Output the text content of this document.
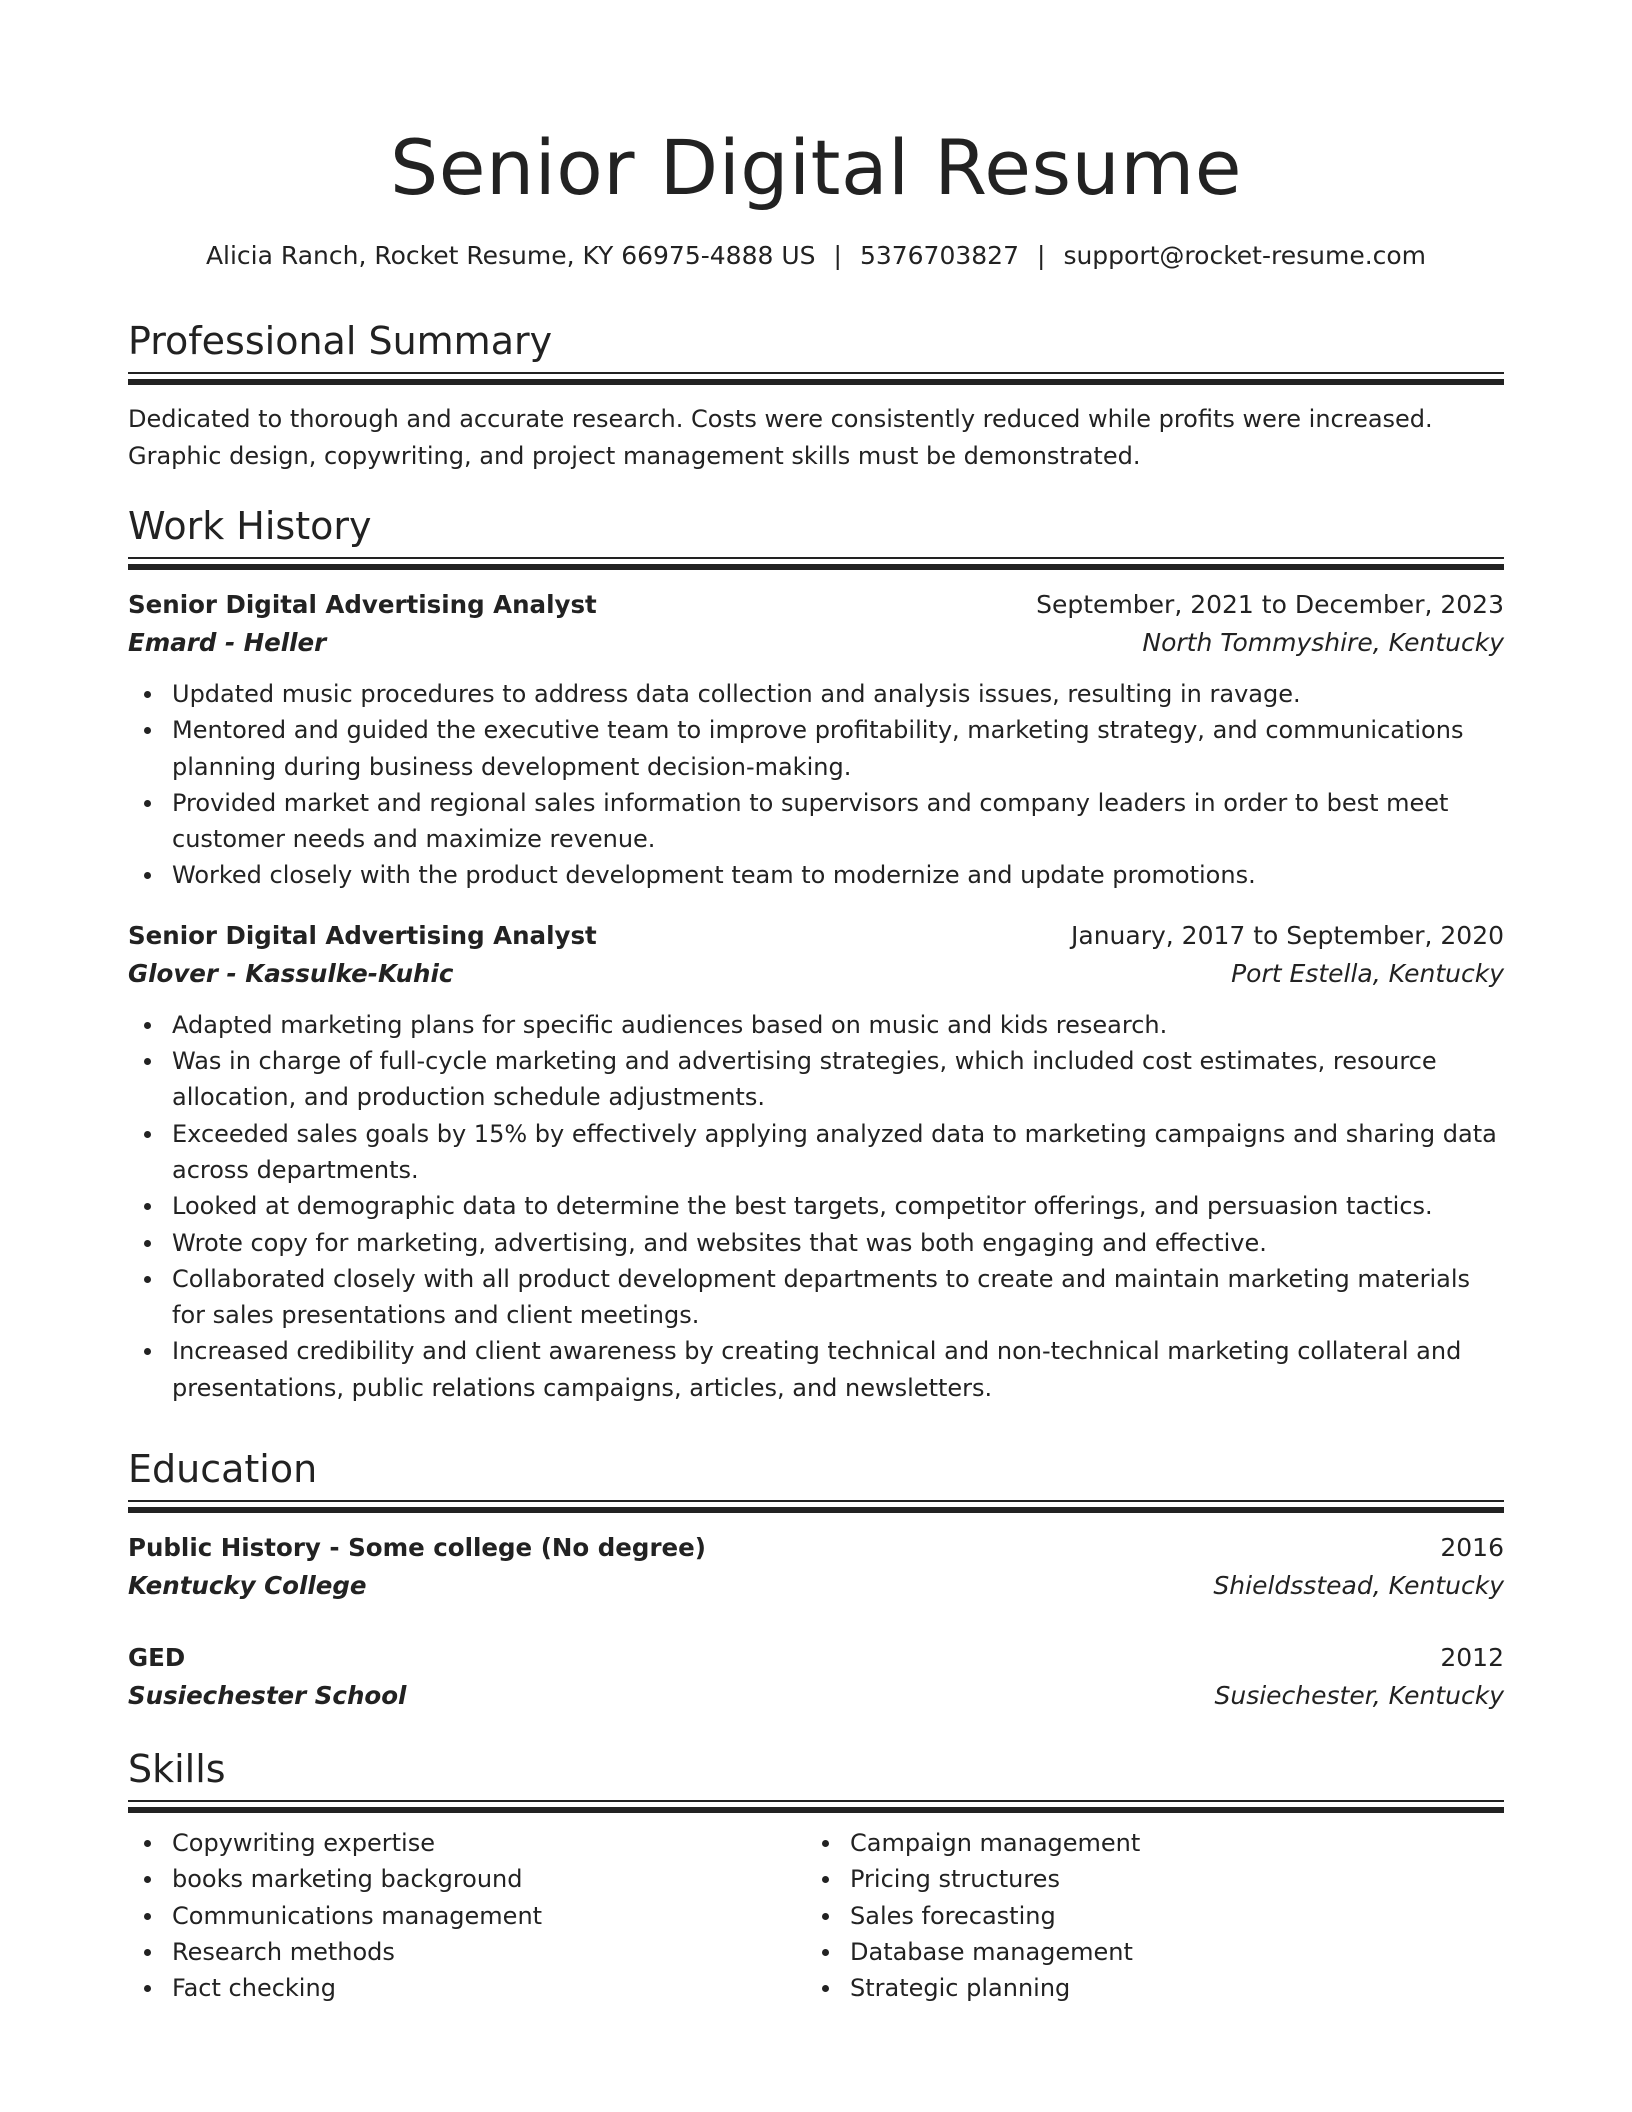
Senior Digital Resume
Alicia Ranch, Rocket Resume, KY 66975-4888 US | 5376703827 | support@rocket-resume.com
Professional Summary
Dedicated to thorough and accurate research. Costs were consistently reduced while profits were increased. Graphic design, copywriting, and project management skills must be demonstrated.
Work History
Senior Digital Advertising Analyst	September, 2021 to December, 2023
Emard - Heller	North Tommyshire, Kentucky
Updated music procedures to address data collection and analysis issues, resulting in ravage.
Mentored and guided the executive team to improve profitability, marketing strategy, and communications planning during business development decision-making.
Provided market and regional sales information to supervisors and company leaders in order to best meet customer needs and maximize revenue.
Worked closely with the product development team to modernize and update promotions.
Senior Digital Advertising Analyst	January, 2017 to September, 2020
Glover - Kassulke-Kuhic	Port Estella, Kentucky
Adapted marketing plans for specific audiences based on music and kids research.
Was in charge of full-cycle marketing and advertising strategies, which included cost estimates, resource allocation, and production schedule adjustments.
Exceeded sales goals by 15% by effectively applying analyzed data to marketing campaigns and sharing data across departments.
Looked at demographic data to determine the best targets, competitor offerings, and persuasion tactics.
Wrote copy for marketing, advertising, and websites that was both engaging and effective.
Collaborated closely with all product development departments to create and maintain marketing materials for sales presentations and client meetings.
Increased credibility and client awareness by creating technical and non-technical marketing collateral and presentations, public relations campaigns, articles, and newsletters.
Education
Public History - Some college (No degree)	2016
Kentucky College	Shieldsstead, Kentucky
GED	2012
Susiechester School	Susiechester, Kentucky
Skills
Copywriting expertise
books marketing background
Communications management
Research methods
Fact checking
Campaign management
Pricing structures
Sales forecasting
Database management
Strategic planning
